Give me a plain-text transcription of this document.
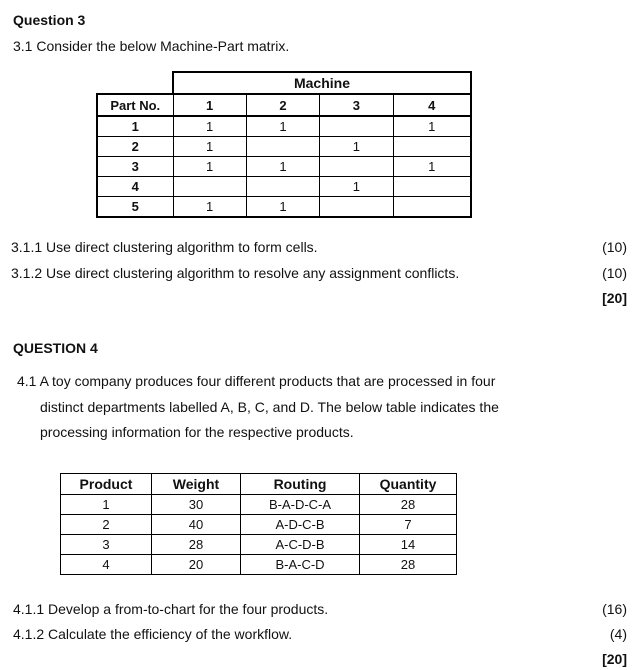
Question 3
3.1 Consider the below Machine-Part matrix.
	Machine			
Part No.	1	2	3	4
1	1	1		1
2	1		1	
3	1	1		1
4			1	
5	1	1		
3.1.1 Use direct clustering algorithm to form cells.	(10)
3.1.2 Use direct clustering algorithm to resolve any assignment conflicts.	(10)
[20]
QUESTION 4
4.1 A toy company produces four different products that are processed in four
distinct departments labelled A, B, C, and D. The below table indicates the
processing information for the respective products.
Product	Weight	Routing	Quantity
1	30	B-A-D-C-A	28
2	40	A-D-C-B	7
3	28	A-C-D-B	14
4	20	B-A-C-D	28
4.1.1 Develop a from-to-chart for the four products.	(16)
4.1.2 Calculate the efficiency of the workflow.	(4)
[20]
